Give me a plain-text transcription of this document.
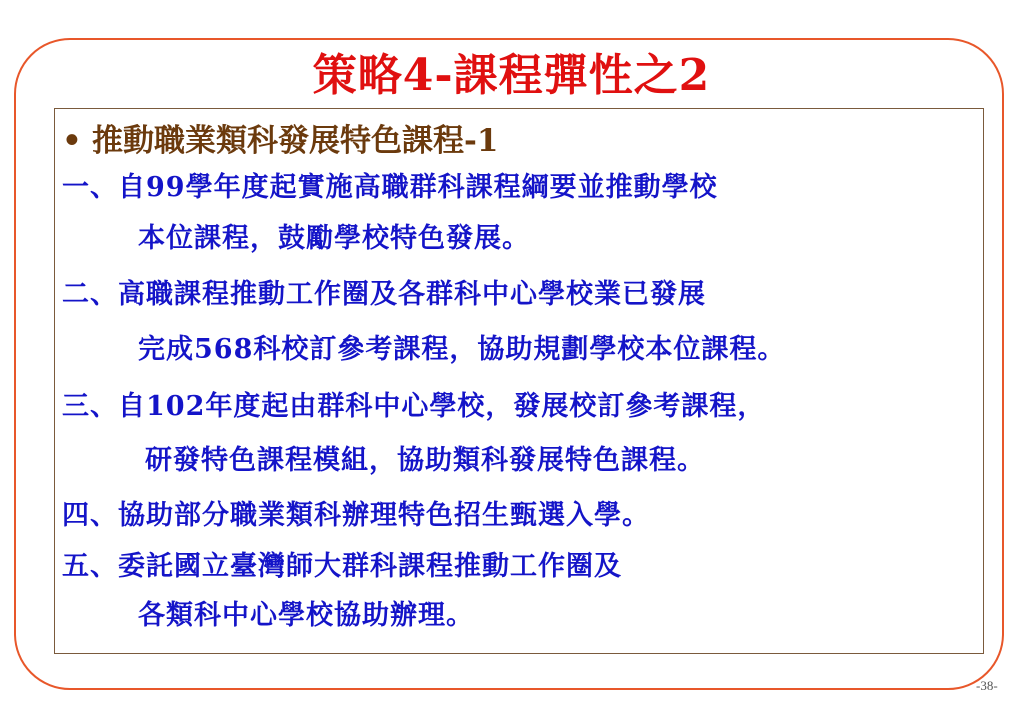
策略4-課程彈性之2
• 推動職業類科發展特色課程-1
一、自99學年度起實施高職群科課程綱要並推動學校
本位課程，鼓勵學校特色發展。
二、高職課程推動工作圈及各群科中心學校業已發展
完成568科校訂參考課程，協助規劃學校本位課程。
三、自102年度起由群科中心學校，發展校訂參考課程，
研發特色課程模組，協助類科發展特色課程。
四、協助部分職業類科辦理特色招生甄選入學。
五、委託國立臺灣師大群科課程推動工作圈及
各類科中心學校協助辦理。
-38-
